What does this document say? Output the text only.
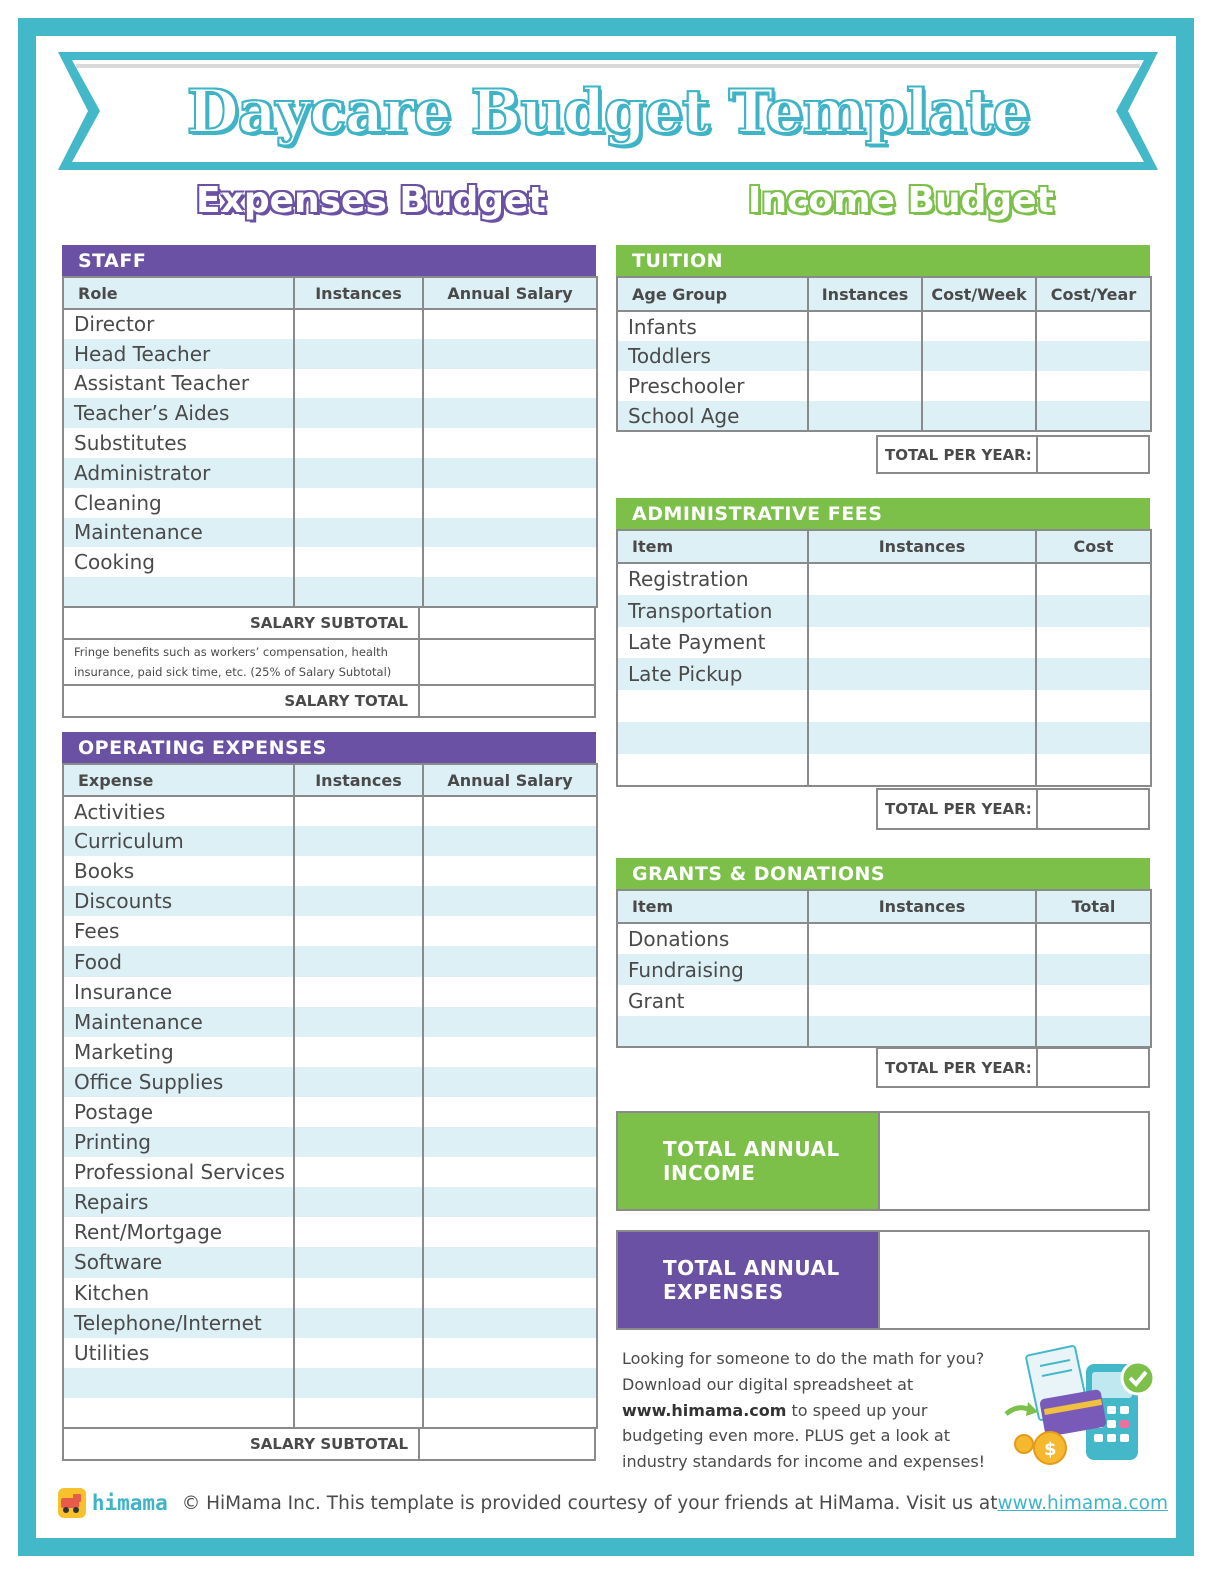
Daycare Budget Template
Expenses Budget	Income Budget
STAFF
Role	Instances	Annual Salary
Director		
Head Teacher		
Assistant Teacher		
Teacher’s Aides		
Substitutes		
Administrator		
Cleaning		
Maintenance		
Cooking		

SALARY SUBTOTAL
Fringe benefits such as workers’ compensation, health insurance, paid sick time, etc. (25% of Salary Subtotal)
SALARY TOTAL
OPERATING EXPENSES
Expense	Instances	Annual Salary
Activities		
Curriculum		
Books		
Discounts		
Fees		
Food		
Insurance		
Maintenance		
Marketing		
Office Supplies		
Postage		
Printing		
Professional Services		
Repairs		
Rent/Mortgage		
Software		
Kitchen		
Telephone/Internet		
Utilities		

SALARY SUBTOTAL
TUITION
Age Group	Instances	Cost/Week	Cost/Year
Infants			
Toddlers			
Preschooler			
School Age			
TOTAL PER YEAR:
ADMINISTRATIVE FEES
Item	Instances	Cost
Registration		
Transportation		
Late Payment		
Late Pickup		

TOTAL PER YEAR:
GRANTS & DONATIONS
Item	Instances	Total
Donations		
Fundraising		
Grant		

TOTAL PER YEAR:
TOTAL ANNUAL INCOME
TOTAL ANNUAL EXPENSES
Looking for someone to do the math for you? Download our digital spreadsheet at www.himama.com to speed up your budgeting even more. PLUS get a look at industry standards for income and expenses!
$
himama © HiMama Inc. This template is provided courtesy of your friends at HiMama. Visit us at www.himama.com
